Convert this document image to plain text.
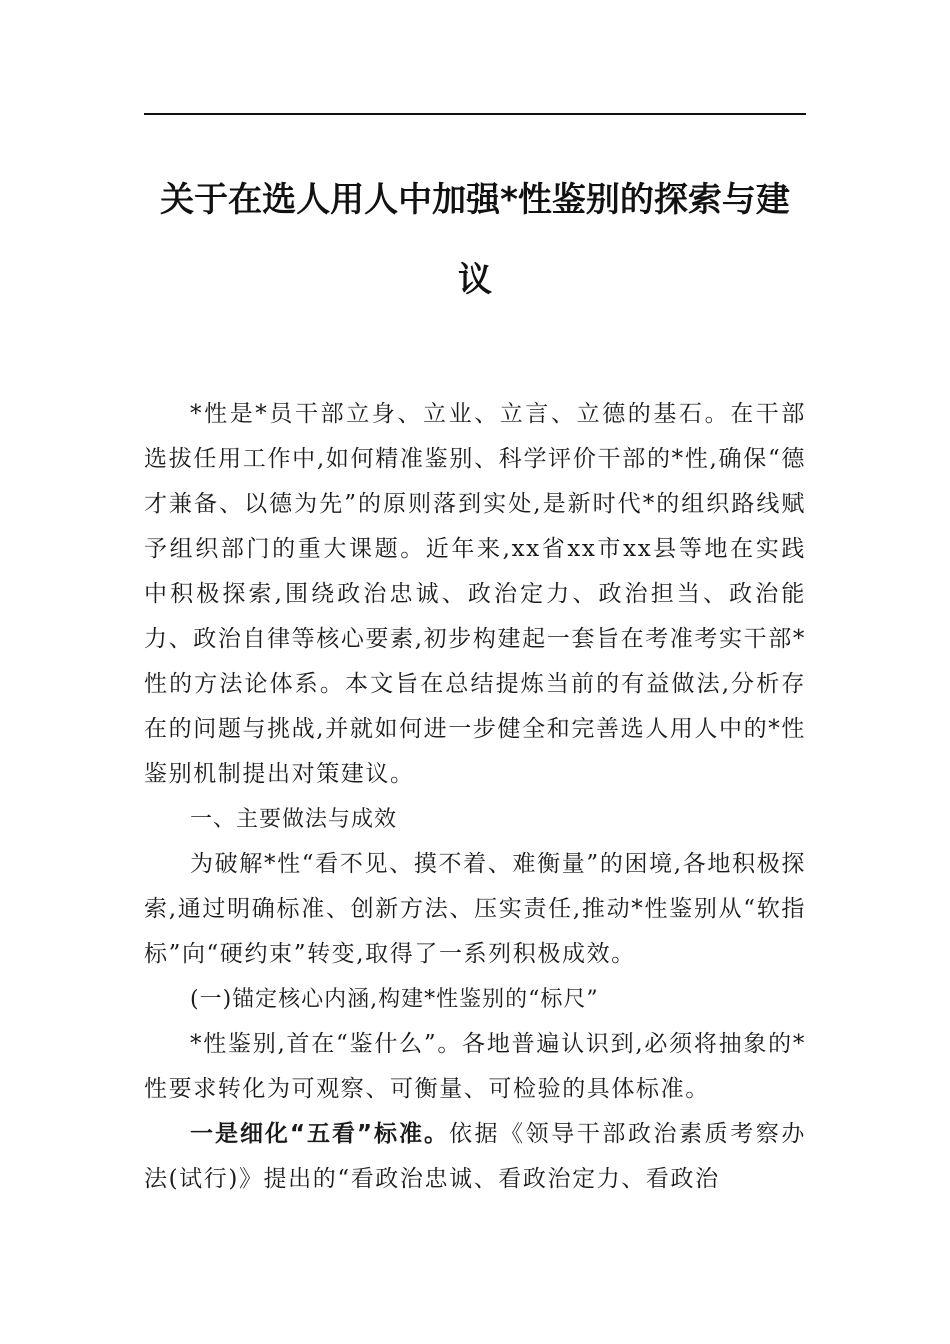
关于在选人用人中加强*性鉴别的探索与建
议

*性是*员干部立身、立业、立言、立德的基石。在干部选拔任用工作中,如何精准鉴别、科学评价干部的*性,确保“德才兼备、以德为先”的原则落到实处,是新时代*的组织路线赋予组织部门的重大课题。近年来,xx省xx市xx县等地在实践中积极探索,围绕政治忠诚、政治定力、政治担当、政治能力、政治自律等核心要素,初步构建起一套旨在考准考实干部*性的方法论体系。本文旨在总结提炼当前的有益做法,分析存在的问题与挑战,并就如何进一步健全和完善选人用人中的*性鉴别机制提出对策建议。

一、主要做法与成效

为破解*性“看不见、摸不着、难衡量”的困境,各地积极探索,通过明确标准、创新方法、压实责任,推动*性鉴别从“软指标”向“硬约束”转变,取得了一系列积极成效。

(一)锚定核心内涵,构建*性鉴别的“标尺”

*性鉴别,首在“鉴什么”。各地普遍认识到,必须将抽象的*性要求转化为可观察、可衡量、可检验的具体标准。

一是细化“五看”标准。依据《领导干部政治素质考察办法(试行)》提出的“看政治忠诚、看政治定力、看政治
